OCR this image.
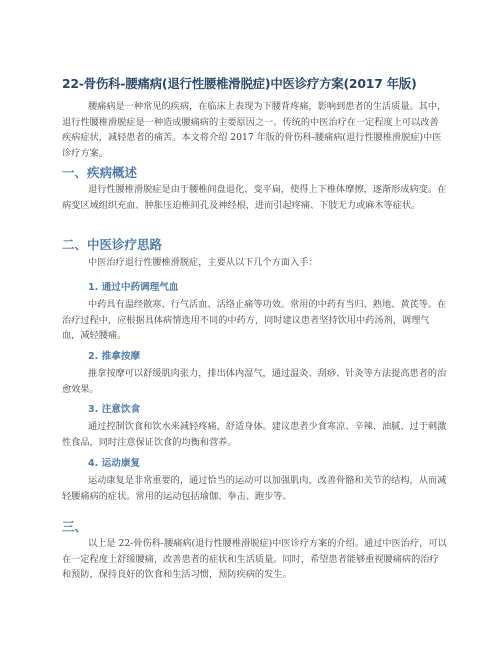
22-骨伤科-腰痛病(退行性腰椎滑脱症)中医诊疗方案(2017 年版)

腰痛病是一种常见的疾病，在临床上表现为下腰背疼痛，影响到患者的生活质量。其中，退行性腰椎滑脱症是一种造成腰痛病的主要原因之一。传统的中医治疗在一定程度上可以改善疾病症状，减轻患者的痛苦。本文将介绍 2017 年版的骨伤科-腰痛病(退行性腰椎滑脱症)中医诊疗方案。

一、疾病概述

退行性腰椎滑脱症是由于腰椎间盘退化、变平扁，使得上下椎体摩擦，逐渐形成病变。在病变区域组织充血、肿胀压迫椎间孔及神经根，进而引起疼痛、下肢无力或麻木等症状。

二、中医诊疗思路

中医治疗退行性腰椎滑脱症，主要从以下几个方面入手：

1. 通过中药调理气血

中药具有温经散寒、行气活血、活络止痛等功效。常用的中药有当归、熟地、黄芪等。在治疗过程中，应根据具体病情选用不同的中药方，同时建议患者坚持饮用中药汤剂，调理气血，减轻腰痛。

2. 推拿按摩

推拿按摩可以舒缓肌肉张力，排出体内湿气，通过温灸、刮痧、针灸等方法提高患者的治愈效果。

3. 注意饮食

通过控制饮食和饮水来减轻疼痛，舒适身体。建议患者少食寒凉、辛辣、油腻、过于刺激性食品，同时注意保证饮食的均衡和营养。

4. 运动康复

运动康复是非常重要的，通过恰当的运动可以加强肌肉，改善骨骼和关节的结构，从而减轻腰痛病的症状。常用的运动包括瑜伽、拳击、跑步等。

三、

以上是 22-骨伤科-腰痛病(退行性腰椎滑脱症)中医诊疗方案的介绍。通过中医治疗，可以在一定程度上舒缓腰痛，改善患者的症状和生活质量。同时，希望患者能够重视腰痛病的治疗和预防，保持良好的饮食和生活习惯，预防疾病的发生。
